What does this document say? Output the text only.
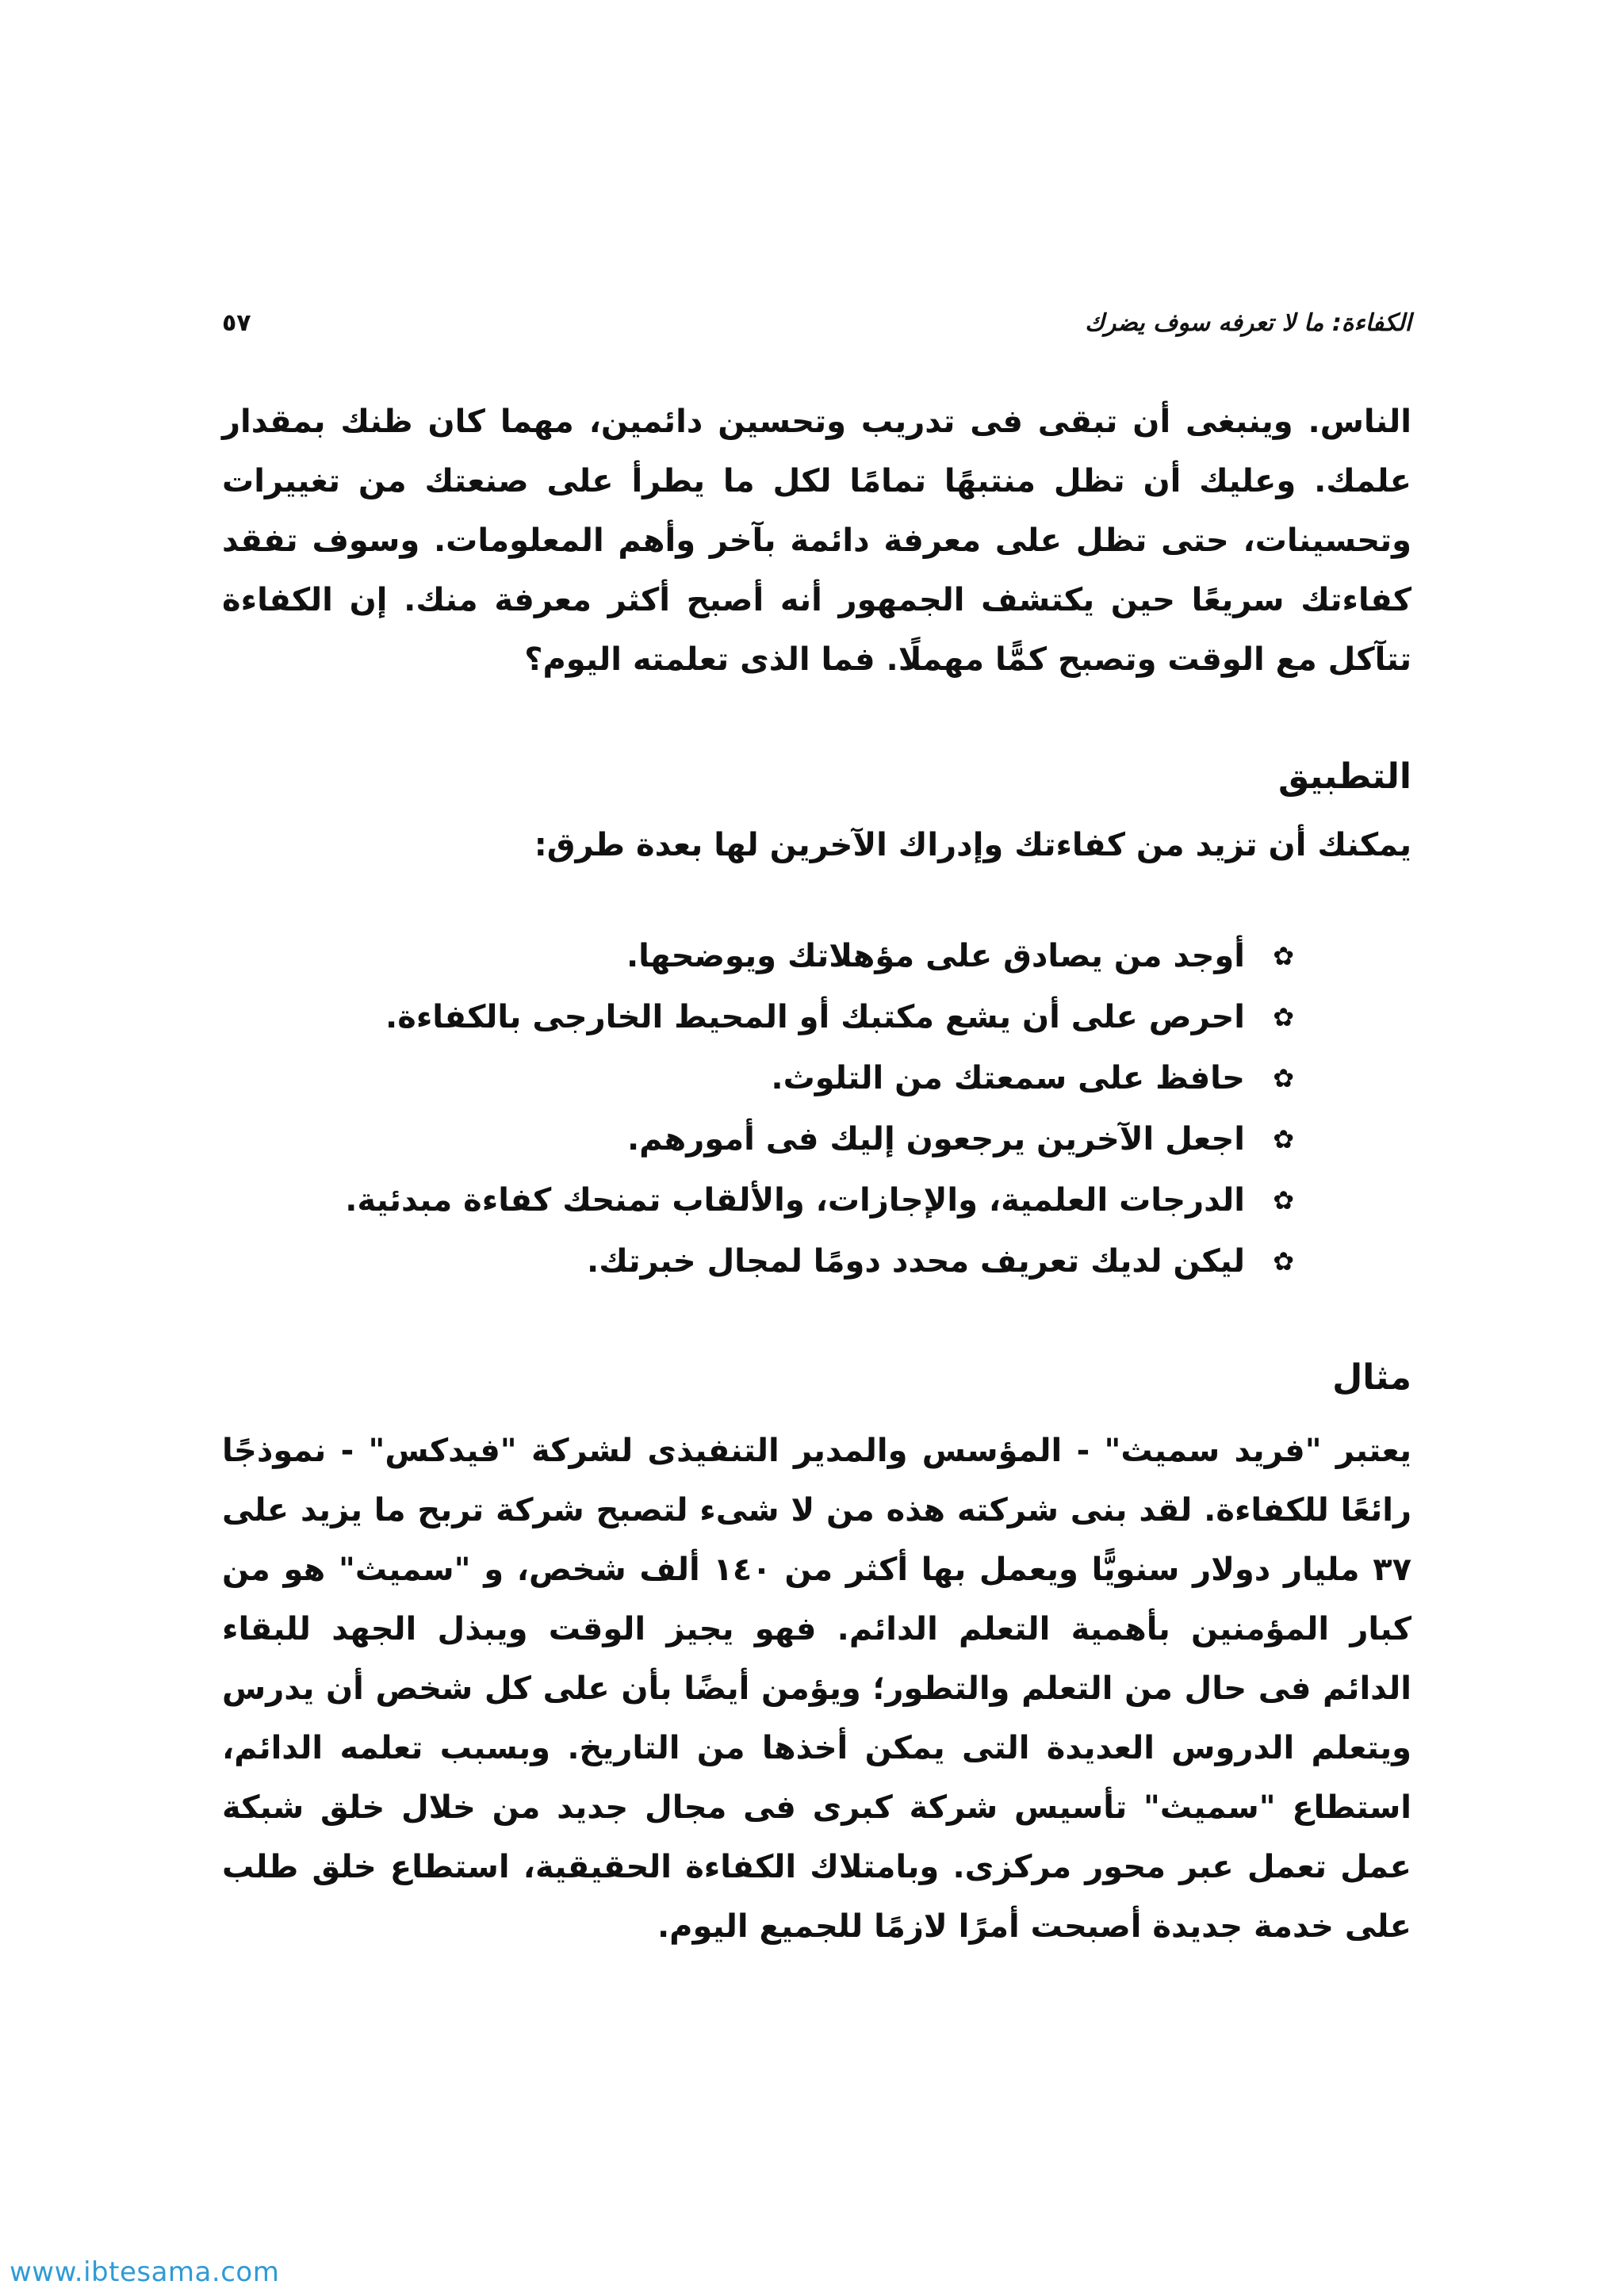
الكفاءة: ما لا تعرفه سوف يضرك
٥٧

الناس. وينبغى أن تبقى فى تدريب وتحسين دائمين، مهما كان ظنك بمقدار علمك. وعليك أن تظل منتبهًا تمامًا لكل ما يطرأ على صنعتك من تغييرات وتحسينات، حتى تظل على معرفة دائمة بآخر وأهم المعلومات. وسوف تفقد كفاءتك سريعًا حين يكتشف الجمهور أنه أصبح أكثر معرفة منك. إن الكفاءة تتآكل مع الوقت وتصبح كمًّا مهملًا. فما الذى تعلمته اليوم؟

التطبيق

يمكنك أن تزيد من كفاءتك وإدراك الآخرين لها بعدة طرق:

✿
أوجد من يصادق على مؤهلاتك ويوضحها.
✿
احرص على أن يشع مكتبك أو المحيط الخارجى بالكفاءة.
✿
حافظ على سمعتك من التلوث.
✿
اجعل الآخرين يرجعون إليك فى أمورهم.
✿
الدرجات العلمية، والإجازات، والألقاب تمنحك كفاءة مبدئية.
✿
ليكن لديك تعريف محدد دومًا لمجال خبرتك.
مثال

يعتبر "فريد سميث" - المؤسس والمدير التنفيذى لشركة "فيدكس" - نموذجًا رائعًا للكفاءة. لقد بنى شركته هذه من لا شىء لتصبح شركة تربح ما يزيد على ٣٧ مليار دولار سنويًّا ويعمل بها أكثر من ١٤٠ ألف شخص، و "سميث" هو من كبار المؤمنين بأهمية التعلم الدائم. فهو يجيز الوقت ويبذل الجهد للبقاء الدائم فى حال من التعلم والتطور؛ ويؤمن أيضًا بأن على كل شخص أن يدرس ويتعلم الدروس العديدة التى يمكن أخذها من التاريخ. وبسبب تعلمه الدائم، استطاع "سميث" تأسيس شركة كبرى فى مجال جديد من خلال خلق شبكة عمل تعمل عبر محور مركزى. وبامتلاك الكفاءة الحقيقية، استطاع خلق طلب على خدمة جديدة أصبحت أمرًا لازمًا للجميع اليوم.

www.ibtesama.com
